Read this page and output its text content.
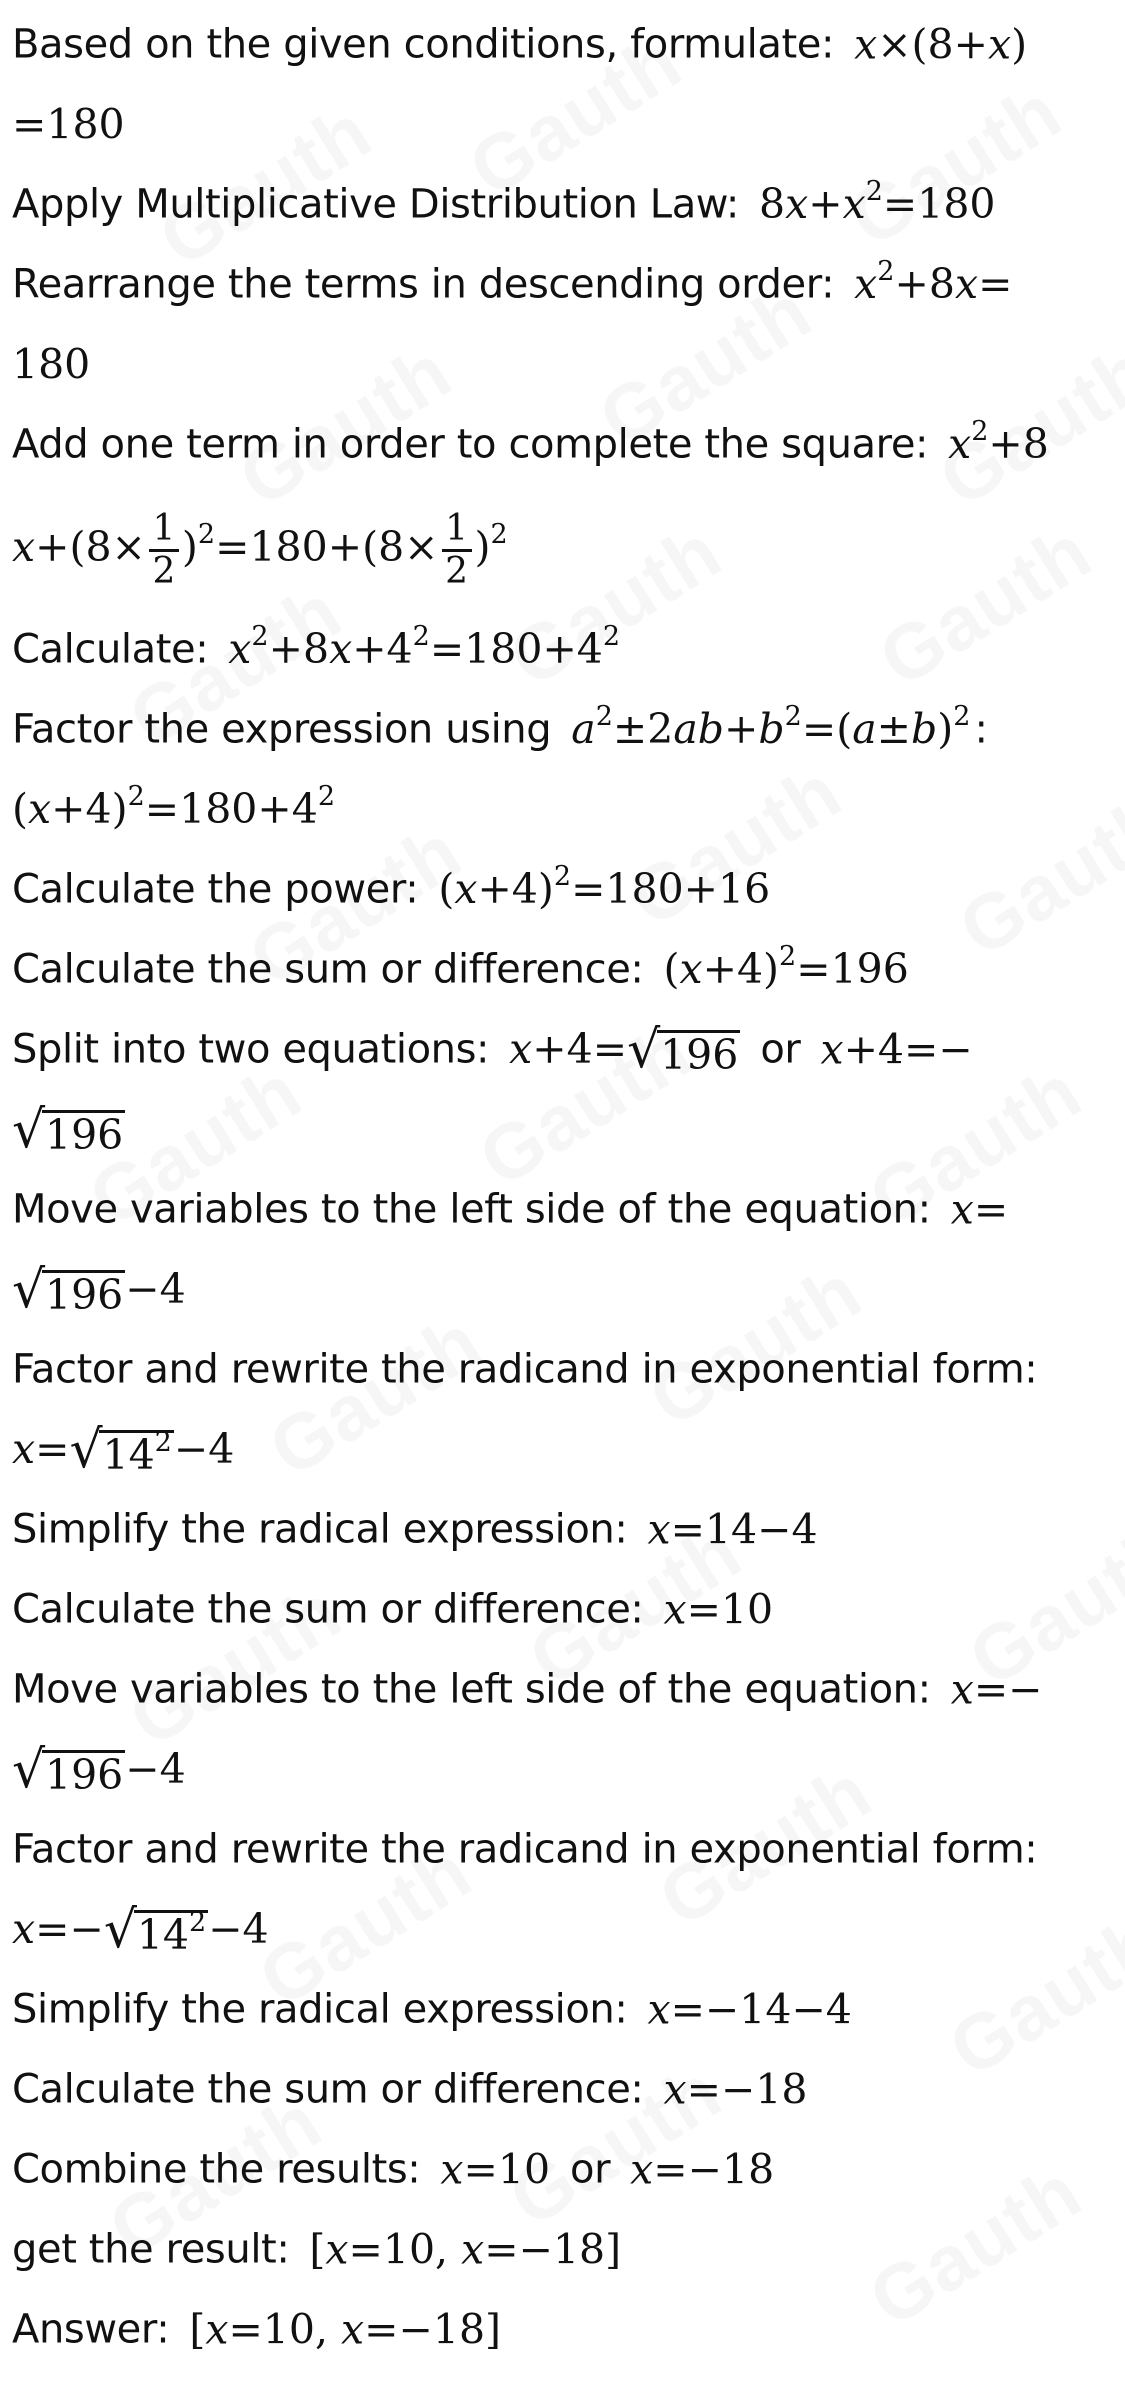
Based on the given conditions, formulate: x×(8+x)
=180
Apply Multiplicative Distribution Law: $8x+x^2=180$
Rearrange the terms in descending order: $x^2+8x=$
180
Add one term in order to complete the square: $x^2+8$
$x+(8\times \frac{1}{2} )^2=180+(8\times \frac{1}{2} )^2$
Calculate: $x^2+8x+4^2=180+4^2$
Factor the expression using $a^2\pm 2ab+b^2=(a\pm b)^2$ :
$(x+4)^2=180+4^2$
Calculate the power: $(x+4)^2=180+16$
Calculate the sum or difference: $(x+4)^2=196$
Split into two equations: x+4= √ 196 or x+4=−
√ 196
Move variables to the left side of the equation: x=
√ 196−4
Factor and rewrite the radicand in exponential form:
x= √ $14^2-4$
Simplify the radical expression: x=14−4
Calculate the sum or difference: x=10
Move variables to the left side of the equation: x=−
√ 196−4
Factor and rewrite the radicand in exponential form:
x=− √ $14^2-4$
Simplify the radical expression: x=−14−4
Calculate the sum or difference: x=−18
Combine the results: x=10 or x=−18
get the result: [x=10, x=−18]
Answer: [x=10, x=−18]
